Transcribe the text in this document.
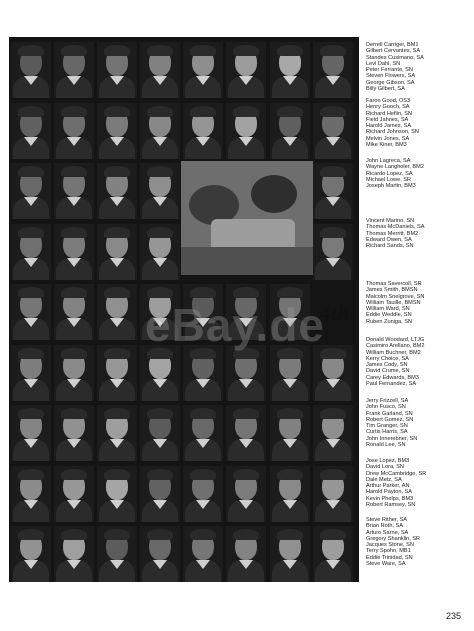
4th
eBay.de
Derrell Carriger, BM1
Gilbert Cervantes, SA
Standes Cusimano, SA
Levi Dahl, SN
Peter Ferrante, SN
Steven Flowers, SA
George Gibson, SA
Billy Gilbert, SA
Faron Good, OS3
Henry Gooch, SA
Richard Heflin, SN
Field Jahnes, SA
Harold James, SA
Richard Johnson, SN
Melvin Jones, SA
Mike Kiner, BM3
John Lagreca, SA
Wayne Langholer, BM2
Ricardo Lopez, SA
Michael Lowe, SR
Joseph Martin, BM3
Vincent Marino, SN
Thomas McDaniels, SA
Thomas Merritt, BM2
Edward Owen, SA
Richard Sands, SN
Thomas Savercoll, SR
James Smith, BMSN
Malcolm Snelgrove, SN
William Tauille, BMSN
William Ward, SN
Eddie Weddle, SN
Ruben Zuniga, SN
Donald Woodard, LTJG
Casimiro Arellano, BM2
William Buchner, BM2
Kerry Choice, SA
James Cody, SN
David Crume, SN
Carey Edwards, BM3
Paul Fernandez, SA
Jerry Frizzell, SA
John Fusco, SN
Frank Garland, SN
Robert Gomez, SN
Tim Granger, SN
Curtis Harris, SA
John Innerebner, SN
Ronald Lee, SN
Jose Lopez, BM3
David Lora, SN
Drew McCambridge, SR
Dale Metz, SA
Arthur Parker, AN
Harold Payton, SA
Kevin Phelps, BM3
Robert Ramsey, SN
Steve Rither, SA
Brian Roth, SA
Arturo Sarne, SA
Gregory Shanklin, SR
Jacques Stone, SN
Terry Spohn, MB1
Eddie Trinidad, SN
Steve Ware, SA
235
